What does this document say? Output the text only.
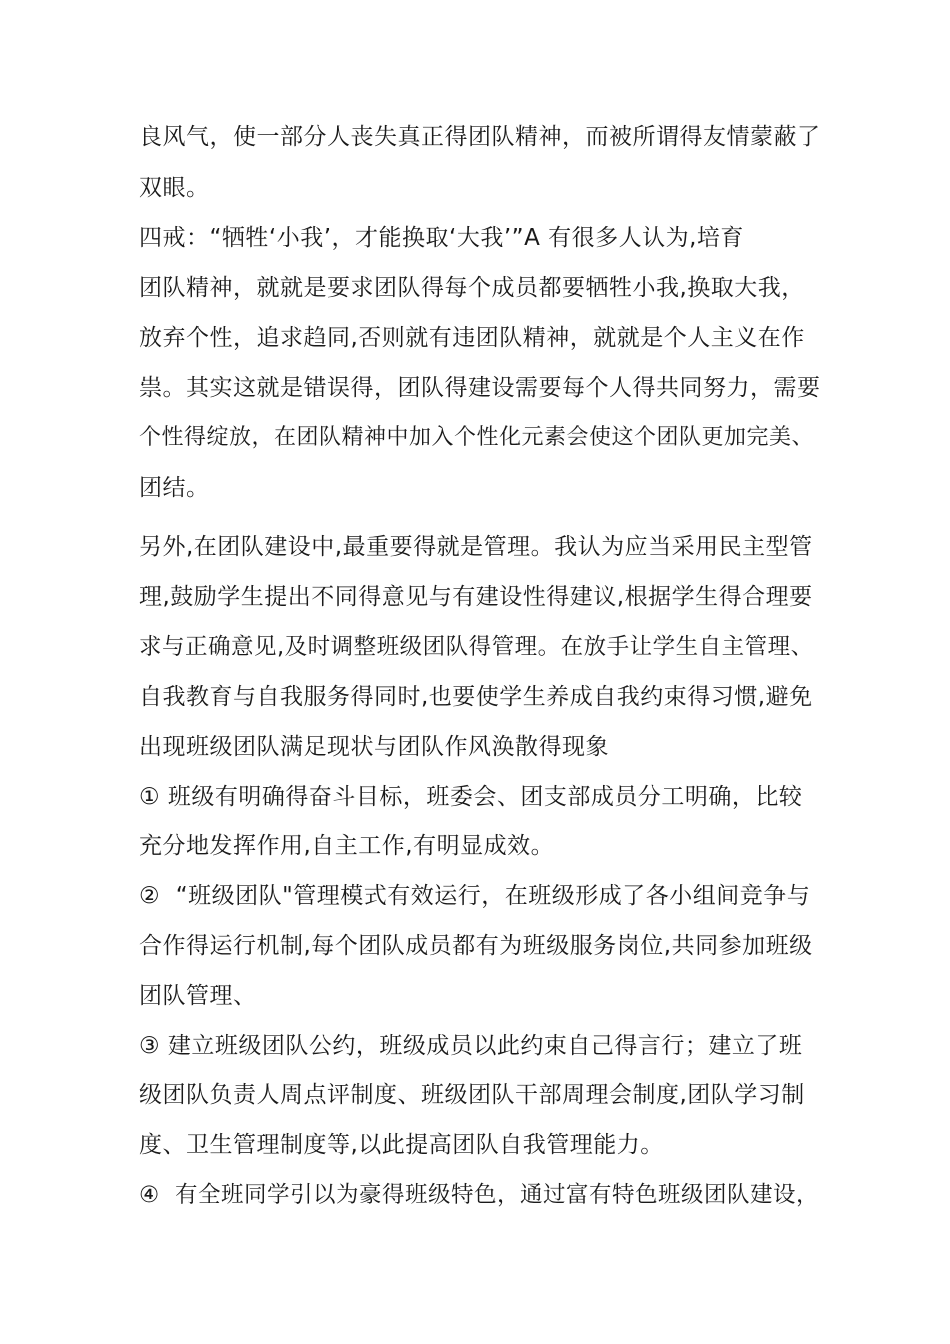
良风气，使一部分人丧失真正得团队精神，而被所谓得友情蒙蔽了
双眼。
四戒：“牺牲‘小我’，才能换取‘大我’”A 有很多人认为,培育
团队精神，就就是要求团队得每个成员都要牺牲小我,换取大我，
放弃个性，追求趋同,否则就有违团队精神，就就是个人主义在作
祟。其实这就是错误得，团队得建设需要每个人得共同努力，需要
个性得绽放，在团队精神中加入个性化元素会使这个团队更加完美、
团结。
另外,在团队建设中,最重要得就是管理。我认为应当采用民主型管
理,鼓励学生提出不同得意见与有建设性得建议,根据学生得合理要
求与正确意见,及时调整班级团队得管理。在放手让学生自主管理、
自我教育与自我服务得同时,也要使学生养成自我约束得习惯,避免
出现班级团队满足现状与团队作风涣散得现象
① 班级有明确得奋斗目标，班委会、团支部成员分工明确，比较
充分地发挥作用,自主工作,有明显成效。
②  “班级团队"管理模式有效运行，在班级形成了各小组间竞争与
合作得运行机制,每个团队成员都有为班级服务岗位,共同参加班级
团队管理、
③ 建立班级团队公约，班级成员以此约束自己得言行；建立了班
级团队负责人周点评制度、班级团队干部周理会制度,团队学习制
度、卫生管理制度等,以此提高团队自我管理能力。
④  有全班同学引以为豪得班级特色，通过富有特色班级团队建设，
